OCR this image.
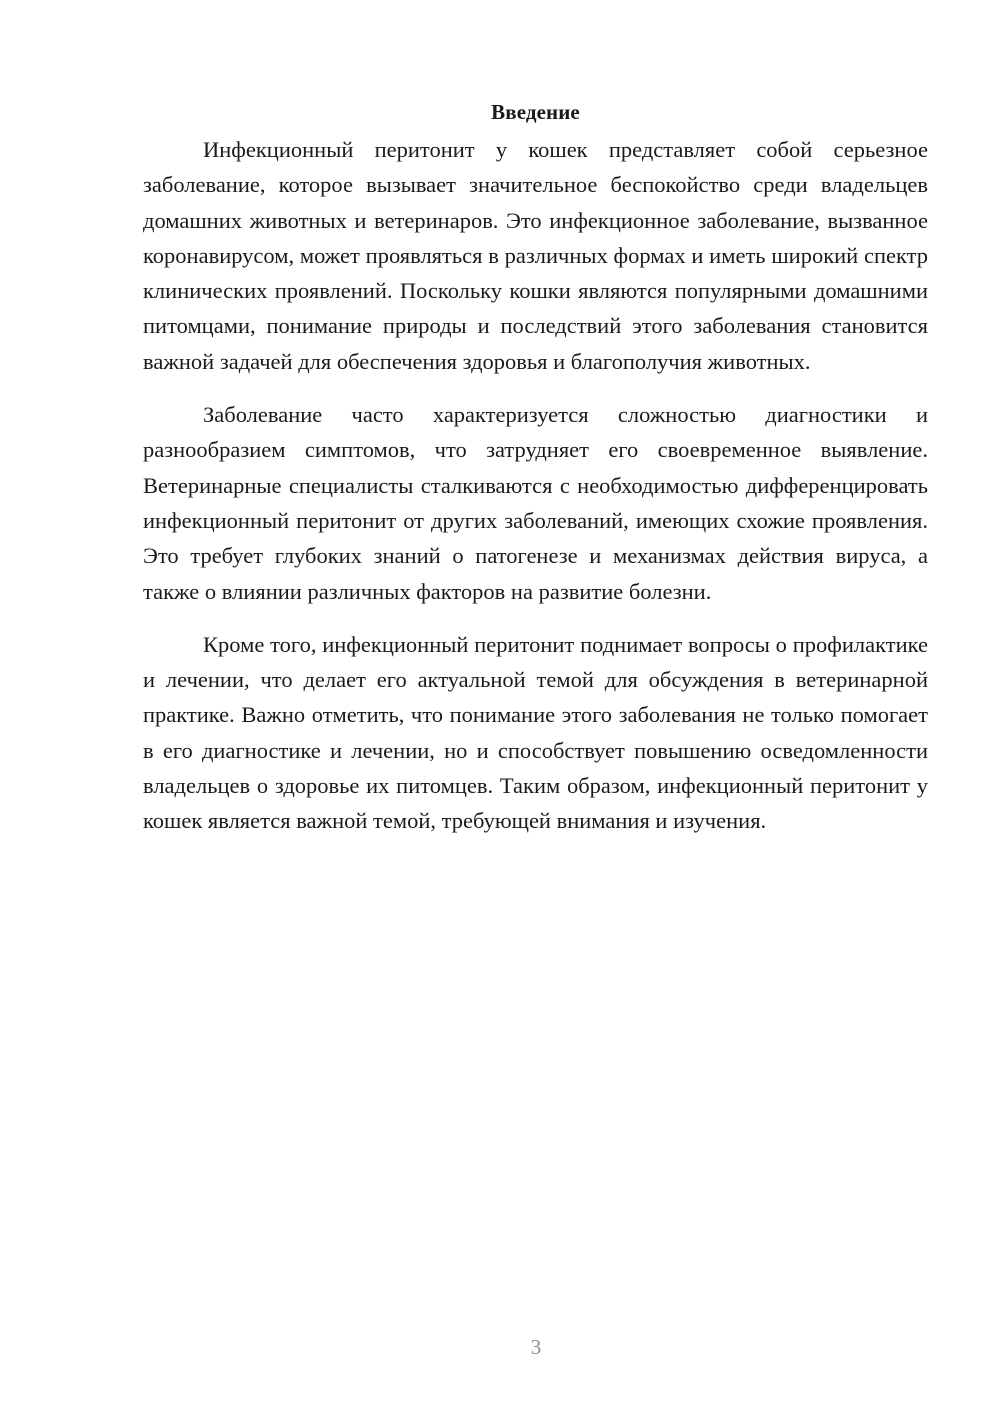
Введение

Инфекционный перитонит у кошек представляет собой серьезное заболевание, которое вызывает значительное беспокойство среди владельцев домашних животных и ветеринаров. Это инфекционное заболевание, вызванное коронавирусом, может проявляться в различных формах и иметь широкий спектр клинических проявлений. Поскольку кошки являются популярными домашними питомцами, понимание природы и последствий этого заболевания становится важной задачей для обеспечения здоровья и благополучия животных.

Заболевание часто характеризуется сложностью диагностики и разнообразием симптомов, что затрудняет его своевременное выявление. Ветеринарные специалисты сталкиваются с необходимостью дифференцировать инфекционный перитонит от других заболеваний, имеющих схожие проявления. Это требует глубоких знаний о патогенезе и механизмах действия вируса, а также о влиянии различных факторов на развитие болезни.

Кроме того, инфекционный перитонит поднимает вопросы о профилактике и лечении, что делает его актуальной темой для обсуждения в ветеринарной практике. Важно отметить, что понимание этого заболевания не только помогает в его диагностике и лечении, но и способствует повышению осведомленности владельцев о здоровье их питомцев. Таким образом, инфекционный перитонит у кошек является важной темой, требующей внимания и изучения.

3
